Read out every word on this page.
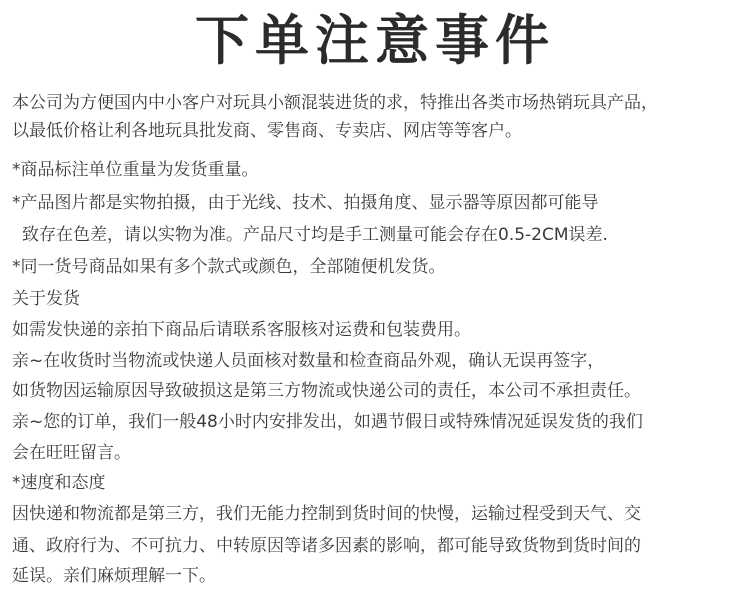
下单注意事件
本公司为方便国内中小客户对玩具小额混装进货的求，特推出各类市场热销玩具产品，
以最低价格让利各地玩具批发商、零售商、专卖店、网店等等客户。
*商品标注单位重量为发货重量。
*产品图片都是实物拍摄，由于光线、技术、拍摄角度、显示器等原因都可能导
致存在色差，请以实物为准。产品尺寸均是手工测量可能会存在0.5-2CM误差.
*同一货号商品如果有多个款式或颜色，全部随便机发货。
关于发货
如需发快递的亲拍下商品后请联系客服核对运费和包装费用。
亲~在收货时当物流或快递人员面核对数量和检查商品外观，确认无误再签字，
如货物因运输原因导致破损这是第三方物流或快递公司的责任，本公司不承担责任。
亲~您的订单，我们一般48小时内安排发出，如遇节假日或特殊情况延误发货的我们
会在旺旺留言。
*速度和态度
因快递和物流都是第三方，我们无能力控制到货时间的快慢，运输过程受到天气、交
通、政府行为、不可抗力、中转原因等诸多因素的影响，都可能导致货物到货时间的
延误。亲们麻烦理解一下。
